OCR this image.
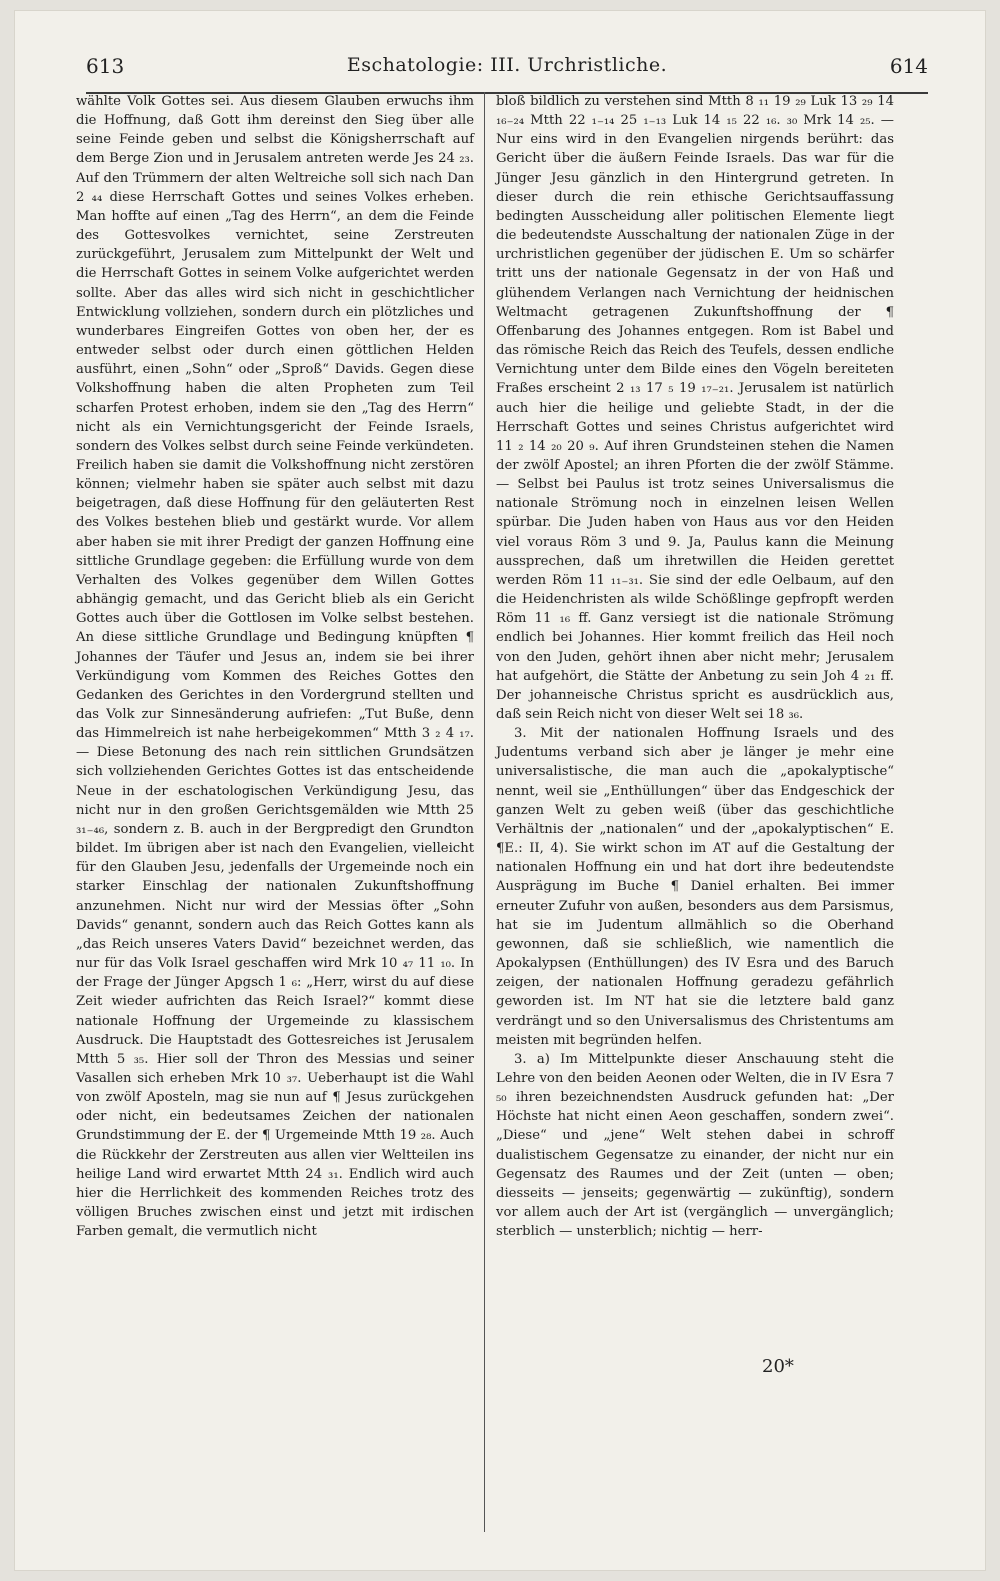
613	Eschatologie: III. Urchristliche.	614

wählte Volk Gottes sei. Aus diesem Glauben erwuchs ihm die Hoffnung, daß Gott ihm dereinst den Sieg über alle seine Feinde geben und selbst die Königsherrschaft auf dem Berge Zion und in Jerusalem antreten werde Jes 24 ₂₃. Auf den Trümmern der alten Weltreiche soll sich nach Dan 2 ₄₄ diese Herrschaft Gottes und seines Volkes erheben. Man hoffte auf einen „Tag des Herrn“, an dem die Feinde des Gottesvolkes vernichtet, seine Zerstreuten zurückgeführt, Jerusalem zum Mittelpunkt der Welt und die Herrschaft Gottes in seinem Volke aufgerichtet werden sollte. Aber das alles wird sich nicht in geschichtlicher Entwicklung vollziehen, sondern durch ein plötzliches und wunderbares Eingreifen Gottes von oben her, der es entweder selbst oder durch einen göttlichen Helden ausführt, einen „Sohn“ oder „Sproß“ Davids. Gegen diese Volkshoffnung haben die alten Propheten zum Teil scharfen Protest erhoben, indem sie den „Tag des Herrn“ nicht als ein Vernichtungsgericht der Feinde Israels, sondern des Volkes selbst durch seine Feinde verkündeten. Freilich haben sie damit die Volkshoffnung nicht zerstören können; vielmehr haben sie später auch selbst mit dazu beigetragen, daß diese Hoffnung für den geläuterten Rest des Volkes bestehen blieb und gestärkt wurde. Vor allem aber haben sie mit ihrer Predigt der ganzen Hoffnung eine sittliche Grundlage gegeben: die Erfüllung wurde von dem Verhalten des Volkes gegenüber dem Willen Gottes abhängig gemacht, und das Gericht blieb als ein Gericht Gottes auch über die Gottlosen im Volke selbst bestehen. An diese sittliche Grundlage und Bedingung knüpften ¶ Johannes der Täufer und Jesus an, indem sie bei ihrer Verkündigung vom Kommen des Reiches Gottes den Gedanken des Gerichtes in den Vordergrund stellten und das Volk zur Sinnesänderung aufriefen: „Tut Buße, denn das Himmelreich ist nahe herbeigekommen“ Mtth 3 ₂ 4 ₁₇. — Diese Betonung des nach rein sittlichen Grundsätzen sich vollziehenden Gerichtes Gottes ist das entscheidende Neue in der eschatologischen Verkündigung Jesu, das nicht nur in den großen Gerichtsgemälden wie Mtth 25 ₃₁₋₄₆, sondern z. B. auch in der Bergpredigt den Grundton bildet. Im übrigen aber ist nach den Evangelien, vielleicht für den Glauben Jesu, jedenfalls der Urgemeinde noch ein starker Einschlag der nationalen Zukunftshoffnung anzunehmen. Nicht nur wird der Messias öfter „Sohn Davids“ genannt, sondern auch das Reich Gottes kann als „das Reich unseres Vaters David“ bezeichnet werden, das nur für das Volk Israel geschaffen wird Mrk 10 ₄₇ 11 ₁₀. In der Frage der Jünger Apgsch 1 ₆: „Herr, wirst du auf diese Zeit wieder aufrichten das Reich Israel?“ kommt diese nationale Hoffnung der Urgemeinde zu klassischem Ausdruck. Die Hauptstadt des Gottesreiches ist Jerusalem Mtth 5 ₃₅. Hier soll der Thron des Messias und seiner Vasallen sich erheben Mrk 10 ₃₇. Ueberhaupt ist die Wahl von zwölf Aposteln, mag sie nun auf ¶ Jesus zurückgehen oder nicht, ein bedeutsames Zeichen der nationalen Grundstimmung der E. der ¶ Urgemeinde Mtth 19 ₂₈. Auch die Rückkehr der Zerstreuten aus allen vier Weltteilen ins heilige Land wird erwartet Mtth 24 ₃₁. Endlich wird auch hier die Herrlichkeit des kommenden Reiches trotz des völligen Bruches zwischen einst und jetzt mit irdischen Farben gemalt, die vermutlich nicht

bloß bildlich zu verstehen sind Mtth 8 ₁₁ 19 ₂₉ Luk 13 ₂₉ 14 ₁₆₋₂₄ Mtth 22 ₁₋₁₄ 25 ₁₋₁₃ Luk 14 ₁₅ 22 ₁₆. ₃₀ Mrk 14 ₂₅. — Nur eins wird in den Evangelien nirgends berührt: das Gericht über die äußern Feinde Israels. Das war für die Jünger Jesu gänzlich in den Hintergrund getreten. In dieser durch die rein ethische Gerichtsauffassung bedingten Ausscheidung aller politischen Elemente liegt die bedeutendste Ausschaltung der nationalen Züge in der urchristlichen gegenüber der jüdischen E. Um so schärfer tritt uns der nationale Gegensatz in der von Haß und glühendem Verlangen nach Vernichtung der heidnischen Weltmacht getragenen Zukunftshoffnung der ¶ Offenbarung des Johannes entgegen. Rom ist Babel und das römische Reich das Reich des Teufels, dessen endliche Vernichtung unter dem Bilde eines den Vögeln bereiteten Fraßes erscheint 2 ₁₃ 17 ₅ 19 ₁₇₋₂₁. Jerusalem ist natürlich auch hier die heilige und geliebte Stadt, in der die Herrschaft Gottes und seines Christus aufgerichtet wird 11 ₂ 14 ₂₀ 20 ₉. Auf ihren Grundsteinen stehen die Namen der zwölf Apostel; an ihren Pforten die der zwölf Stämme. — Selbst bei Paulus ist trotz seines Universalismus die nationale Strömung noch in einzelnen leisen Wellen spürbar. Die Juden haben von Haus aus vor den Heiden viel voraus Röm 3 und 9. Ja, Paulus kann die Meinung aussprechen, daß um ihretwillen die Heiden gerettet werden Röm 11 ₁₁₋₃₁. Sie sind der edle Oelbaum, auf den die Heidenchristen als wilde Schößlinge gepfropft werden Röm 11 ₁₆ ff. Ganz versiegt ist die nationale Strömung endlich bei Johannes. Hier kommt freilich das Heil noch von den Juden, gehört ihnen aber nicht mehr; Jerusalem hat aufgehört, die Stätte der Anbetung zu sein Joh 4 ₂₁ ff. Der johanneische Christus spricht es ausdrücklich aus, daß sein Reich nicht von dieser Welt sei 18 ₃₆.

3. Mit der nationalen Hoffnung Israels und des Judentums verband sich aber je länger je mehr eine universalistische, die man auch die „apokalyptische“ nennt, weil sie „Enthüllungen“ über das Endgeschick der ganzen Welt zu geben weiß (über das geschichtliche Verhältnis der „nationalen“ und der „apokalyptischen“ E. ¶E.: II, 4). Sie wirkt schon im AT auf die Gestaltung der nationalen Hoffnung ein und hat dort ihre bedeutendste Ausprägung im Buche ¶ Daniel erhalten. Bei immer erneuter Zufuhr von außen, besonders aus dem Parsismus, hat sie im Judentum allmählich so die Oberhand gewonnen, daß sie schließlich, wie namentlich die Apokalypsen (Enthüllungen) des IV Esra und des Baruch zeigen, der nationalen Hoffnung geradezu gefährlich geworden ist. Im NT hat sie die letztere bald ganz verdrängt und so den Universalismus des Christentums am meisten mit begründen helfen.

3. a) Im Mittelpunkte dieser Anschauung steht die Lehre von den beiden Aeonen oder Welten, die in IV Esra 7 ₅₀ ihren bezeichnendsten Ausdruck gefunden hat: „Der Höchste hat nicht einen Aeon geschaffen, sondern zwei“. „Diese“ und „jene“ Welt stehen dabei in schroff dualistischem Gegensatze zu einander, der nicht nur ein Gegensatz des Raumes und der Zeit (unten — oben; diesseits — jenseits; gegenwärtig — zukünftig), sondern vor allem auch der Art ist (vergänglich — unvergänglich; sterblich — unsterblich; nichtig — herr-

20*
